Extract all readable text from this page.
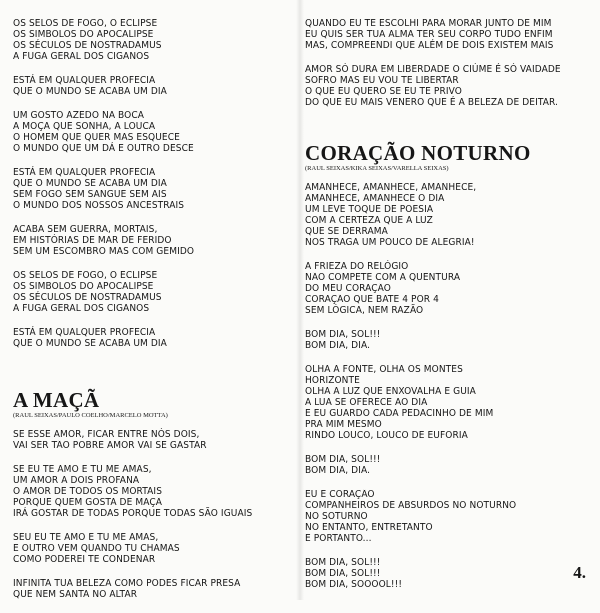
OS SELOS DE FOGO, O ECLIPSE
OS SIMBOLOS DO APOCALIPSE
OS SÉCULOS DE NOSTRADAMUS
A FUGA GERAL DOS CIGANOS
ESTÁ EM QUALQUER PROFECIA
QUE O MUNDO SE ACABA UM DIA
UM GOSTO AZEDO NA BOCA
A MOÇA QUE SONHA, A LOUCA
O HOMEM QUE QUER MAS ESQUECE
O MUNDO QUE UM DÁ E OUTRO DESCE
ESTÁ EM QUALQUER PROFECIA
QUE O MUNDO SE ACABA UM DIA
SEM FOGO SEM SANGUE SEM AIS
O MUNDO DOS NOSSOS ANCESTRAIS
ACABA SEM GUERRA, MORTAIS,
EM HISTÓRIAS DE MAR DE FERIDO
SEM UM ESCOMBRO MAS COM GEMIDO
OS SELOS DE FOGO, O ECLIPSE
OS SIMBOLOS DO APOCALIPSE
OS SÉCULOS DE NOSTRADAMUS
A FUGA GERAL DOS CIGANOS
ESTÁ EM QUALQUER PROFECIA
QUE O MUNDO SE ACABA UM DIA
A MAÇÃ
(RAUL SEIXAS/PAULO COELHO/MARCELO MOTTA)
SE ESSE AMOR, FICAR ENTRE NÓS DOIS,
VAI SER TÃO POBRE AMOR VAI SE GASTAR
SE EU TE AMO E TU ME AMAS,
UM AMOR A DOIS PROFANA
O AMOR DE TODOS OS MORTAIS
PORQUE QUEM GOSTA DE MAÇÃ
IRÁ GOSTAR DE TODAS PORQUE TODAS SÃO IGUAIS
SEU EU TE AMO E TU ME AMAS,
E OUTRO VEM QUANDO TU CHAMAS
COMO PODEREI TE CONDENAR
INFINITA TUA BELEZA COMO PODES FICAR PRESA
QUE NEM SANTA NO ALTAR
QUANDO EU TE ESCOLHI PARA MORAR JUNTO DE MIM
EU QUIS SER TUA ALMA TER SEU CORPO TUDO ENFIM
MAS, COMPREENDI QUE ALÉM DE DOIS EXISTEM MAIS
AMOR SÓ DURA EM LIBERDADE O CIÚME É SÓ VAIDADE
SOFRO MAS EU VOU TE LIBERTAR
O QUE EU QUERO SE EU TE PRIVO
DO QUE EU MAIS VENERO QUE É A BELEZA DE DEITAR.
CORAÇÃO NOTURNO
(RAUL SEIXAS/KIKA SEIXAS/VARELLA SEIXAS)
AMANHECE, AMANHECE, AMANHECE,
AMANHECE, AMANHECE O DIA
UM LEVE TOQUE DE POESIA
COM A CERTEZA QUE A LUZ
QUE SE DERRAMA
NOS TRAGA UM POUCO DE ALEGRIA!
A FRIEZA DO RELÓGIO
NÃO COMPETE COM A QUENTURA
DO MEU CORAÇÃO
CORAÇÃO QUE BATE 4 POR 4
SEM LÓGICA, NEM RAZÃO
BOM DIA, SOL!!!
BOM DIA, DIA.
OLHA A FONTE, OLHA OS MONTES
HORIZONTE
OLHA A LUZ QUE ENXOVALHA E GUIA
A LUA SE OFERECE AO DIA
E EU GUARDO CADA PEDACINHO DE MIM
PRA MIM MESMO
RINDO LOUCO, LOUCO DE EUFORIA
BOM DIA, SOL!!!
BOM DIA, DIA.
EU E CORAÇÃO
COMPANHEIROS DE ABSURDOS NO NOTURNO
NO SOTURNO
NO ENTANTO, ENTRETANTO
E PORTANTO...
BOM DIA, SOL!!!
BOM DIA, SOL!!!
BOM DIA, SOOOOL!!!
4.
